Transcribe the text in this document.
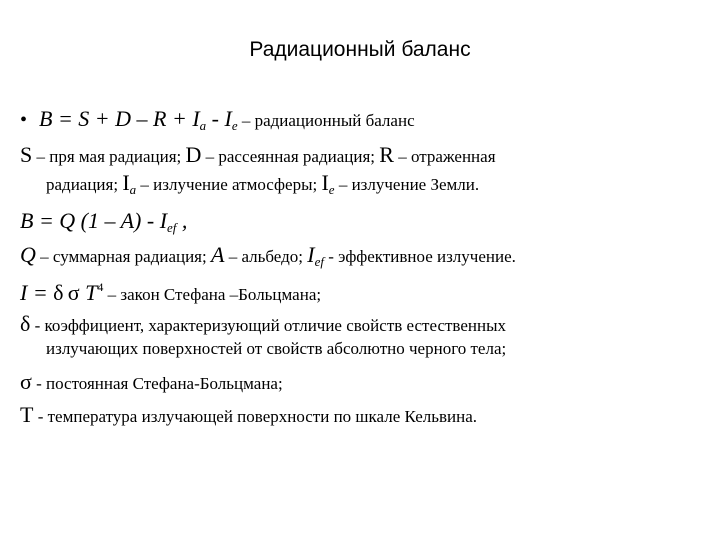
Радиационный баланс
• $B = S + D - R + I_a - I_e$ – радиационный баланс
S – пря мая радиация; D – рассеянная радиация; R – отраженная
радиация; $I_a$ – излучение атмосферы; $I_e$ – излучение Земли.
B = Q $(1 - A) - I_{ef}$ ,
Q – суммарная радиация; A – альбедо; $I_{ef}$ - эффективное излучение.
I = δ σ $T^4$ – закон Стефана –Больцмана;
δ - коэффициент, характеризующий отличие свойств естественных
излучающих поверхностей от свойств абсолютно черного тела;
σ - постоянная Стефана-Больцмана;
T - температура излучающей поверхности по шкале Кельвина.
